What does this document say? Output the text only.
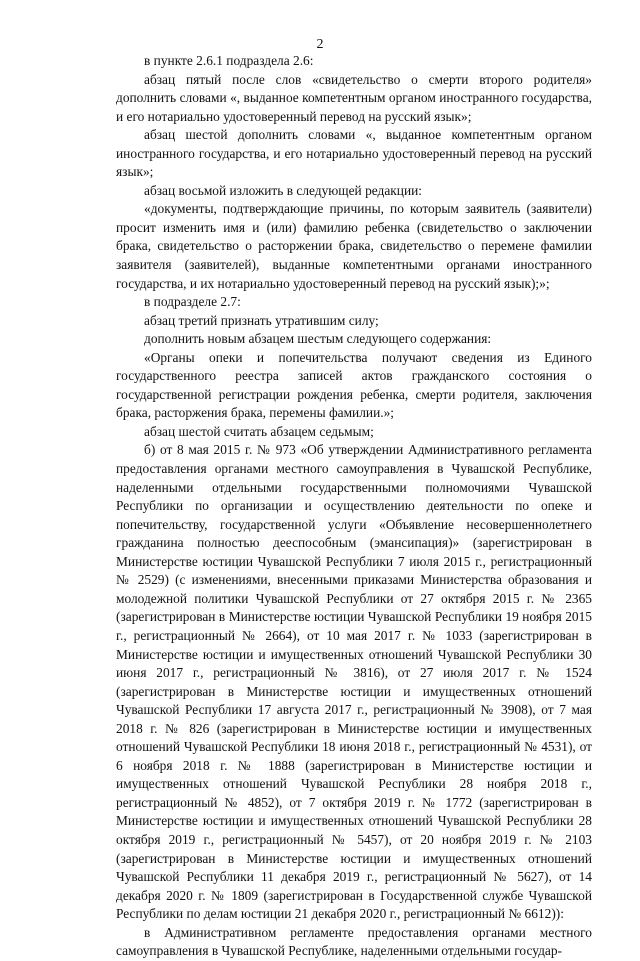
2

в пункте 2.6.1 подраздела 2.6:

абзац пятый после слов «свидетельство о смерти второго родителя» дополнить словами «, выданное компетентным органом иностранного государства, и его нотариально удостоверенный перевод на русский язык»;

абзац шестой дополнить словами «, выданное компетентным органом иностранного государства, и его нотариально удостоверенный перевод на русский язык»;

абзац восьмой изложить в следующей редакции:

«документы, подтверждающие причины, по которым заявитель (заявители) просит изменить имя и (или) фамилию ребенка (свидетельство о заключении брака, свидетельство о расторжении брака, свидетельство о перемене фамилии заявителя (заявителей), выданные компетентными органами иностранного государства, и их нотариально удостоверенный перевод на русский язык);»;

в подразделе 2.7:

абзац третий признать утратившим силу;

дополнить новым абзацем шестым следующего содержания:

«Органы опеки и попечительства получают сведения из Единого государственного реестра записей актов гражданского состояния о государственной регистрации рождения ребенка, смерти родителя, заключения брака, расторжения брака, перемены фамилии.»;

абзац шестой считать абзацем седьмым;

б) от 8 мая 2015 г. № 973 «Об утверждении Административного регламента предоставления органами местного самоуправления в Чувашской Республике, наделенными отдельными государственными полномочиями Чувашской Республики по организации и осуществлению деятельности по опеке и попечительству, государственной услуги «Объявление несовершеннолетнего гражданина полностью дееспособным (эмансипация)» (зарегистрирован в Министерстве юстиции Чувашской Республики 7 июля 2015 г., регистрационный № 2529) (с изменениями, внесенными приказами Министерства образования и молодежной политики Чувашской Республики от 27 октября 2015 г. № 2365 (зарегистрирован в Министерстве юстиции Чувашской Республики 19 ноября 2015 г., регистрационный № 2664), от 10 мая 2017 г. № 1033 (зарегистрирован в Министерстве юстиции и имущественных отношений Чувашской Республики 30 июня 2017 г., регистрационный № 3816), от 27 июля 2017 г. № 1524 (зарегистрирован в Министерстве юстиции и имущественных отношений Чувашской Республики 17 августа 2017 г., регистрационный № 3908), от 7 мая 2018 г. № 826 (зарегистрирован в Министерстве юстиции и имущественных отношений Чувашской Республики 18 июня 2018 г., регистрационный № 4531), от 6 ноября 2018 г. № 1888 (зарегистрирован в Министерстве юстиции и имущественных отношений Чувашской Республики 28 ноября 2018 г., регистрационный № 4852), от 7 октября 2019 г. № 1772 (зарегистрирован в Министерстве юстиции и имущественных отношений Чувашской Республики 28 октября 2019 г., регистрационный № 5457), от 20 ноября 2019 г. № 2103 (зарегистрирован в Министерстве юстиции и имущественных отношений Чувашской Республики 11 декабря 2019 г., регистрационный № 5627), от 14 декабря 2020 г. № 1809 (зарегистрирован в Государственной службе Чувашской Республики по делам юстиции 21 декабря 2020 г., регистрационный № 6612)):

в Административном регламенте предоставления органами местного самоуправления в Чувашской Республике, наделенными отдельными государ-
